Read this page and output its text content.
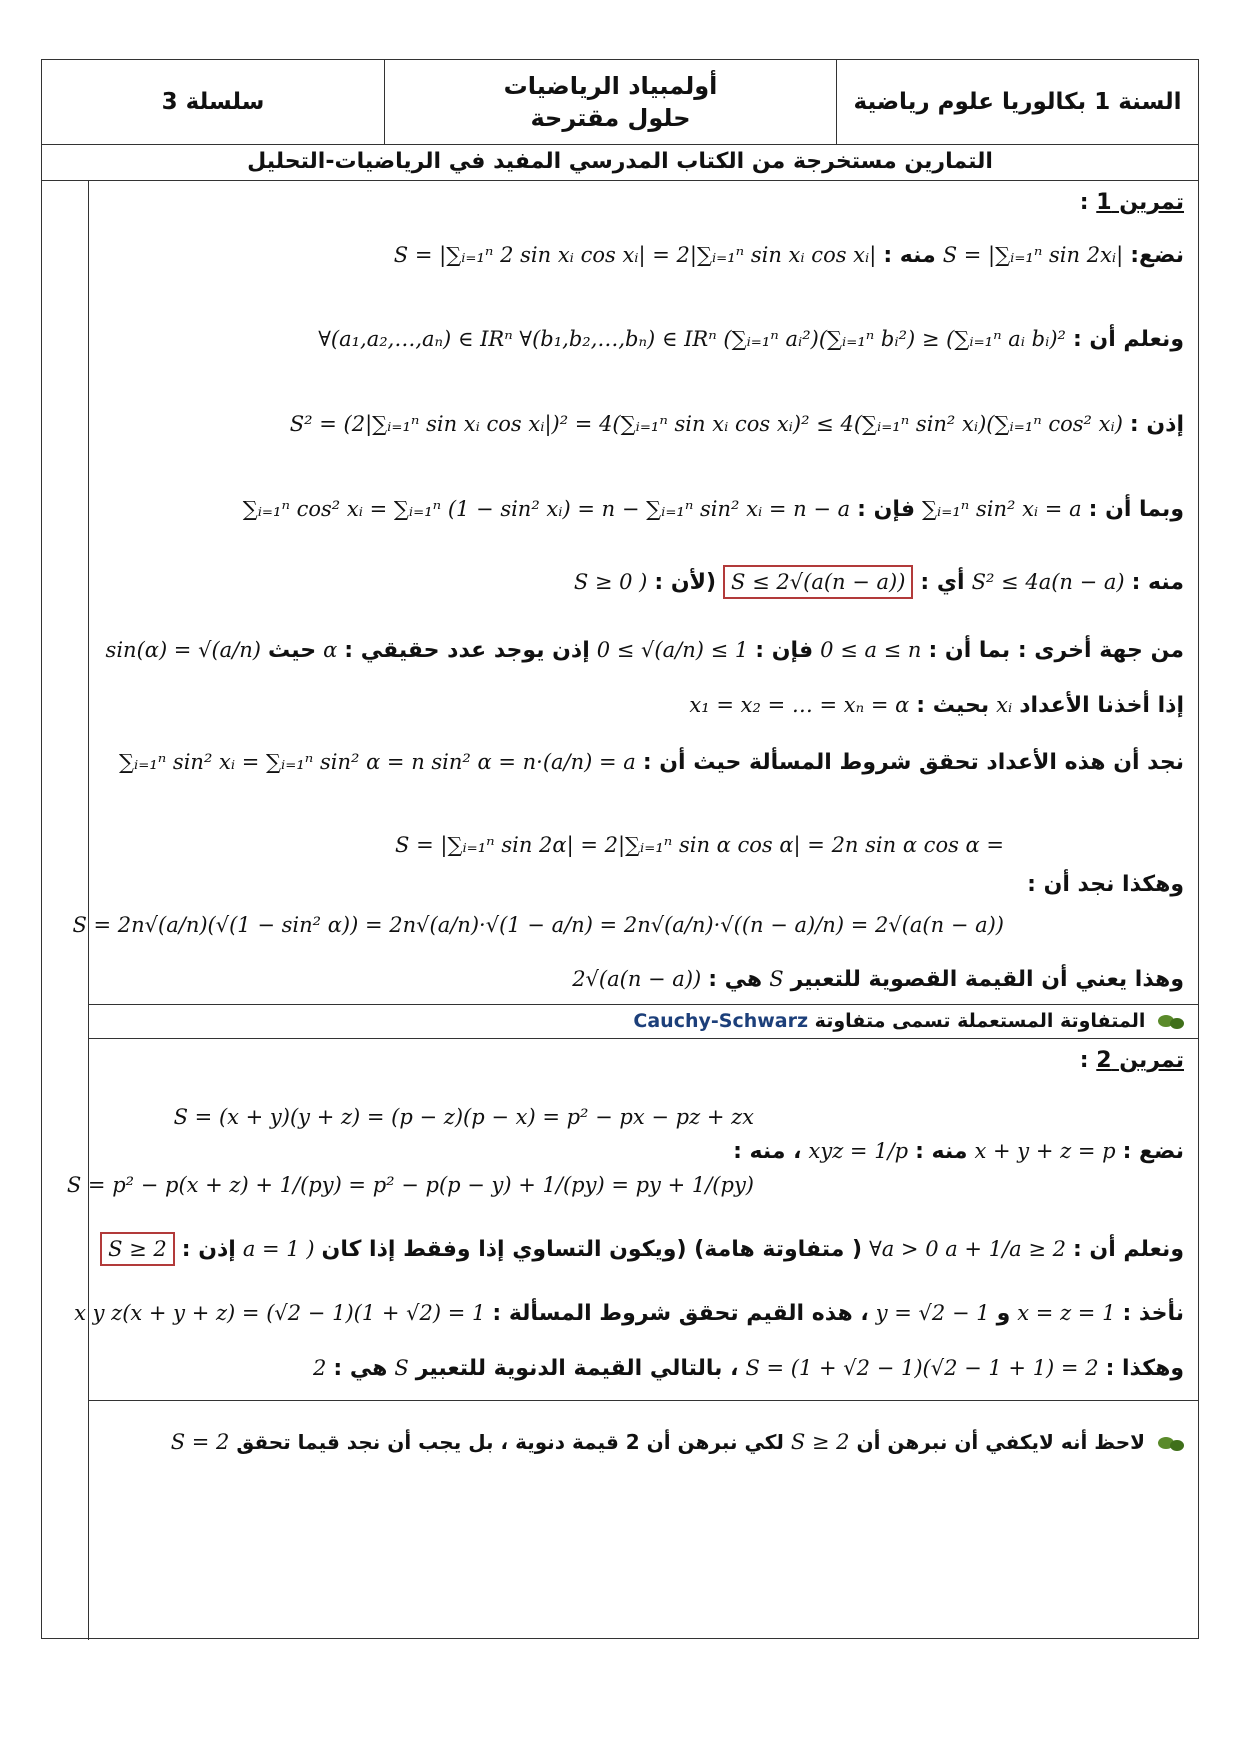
السنة 1 بكالوريا علوم رياضية
أولمبياد الرياضيات
حلول مقترحة
سلسلة 3
التمارين مستخرجة من الكتاب المدرسي المفيد في الرياضيات-التحليل
تمرين 1 :
نضع: S = |∑ᵢ₌₁ⁿ sin 2xᵢ| منه : S = |∑ᵢ₌₁ⁿ 2 sin xᵢ cos xᵢ| = 2|∑ᵢ₌₁ⁿ sin xᵢ cos xᵢ|
ونعلم أن : ∀(a₁,a₂,…,aₙ) ∈ IRⁿ ∀(b₁,b₂,…,bₙ) ∈ IRⁿ (∑ᵢ₌₁ⁿ aᵢ²)(∑ᵢ₌₁ⁿ bᵢ²) ≥ (∑ᵢ₌₁ⁿ aᵢ bᵢ)²
إذن : S² = (2|∑ᵢ₌₁ⁿ sin xᵢ cos xᵢ|)² = 4(∑ᵢ₌₁ⁿ sin xᵢ cos xᵢ)² ≤ 4(∑ᵢ₌₁ⁿ sin² xᵢ)(∑ᵢ₌₁ⁿ cos² xᵢ)
وبما أن : ∑ᵢ₌₁ⁿ sin² xᵢ = a فإن : ∑ᵢ₌₁ⁿ cos² xᵢ = ∑ᵢ₌₁ⁿ (1 − sin² xᵢ) = n − ∑ᵢ₌₁ⁿ sin² xᵢ = n − a
منه : S² ≤ 4a(n − a) أي : S ≤ 2√(a(n − a)) (لأن : S ≥ 0 )
من جهة أخرى : بما أن : 0 ≤ a ≤ n فإن : 0 ≤ √(a/n) ≤ 1 إذن يوجد عدد حقيقي : α حيث sin(α) = √(a/n)
إذا أخذنا الأعداد xᵢ بحيث : x₁ = x₂ = … = xₙ = α
نجد أن هذه الأعداد تحقق شروط المسألة حيث أن : ∑ᵢ₌₁ⁿ sin² xᵢ = ∑ᵢ₌₁ⁿ sin² α = n sin² α = n·(a/n) = a
S = |∑ᵢ₌₁ⁿ sin 2α| = 2|∑ᵢ₌₁ⁿ sin α cos α| = 2n sin α cos α =
وهكذا نجد أن :
S = 2n√(a/n)(√(1 − sin² α)) = 2n√(a/n)·√(1 − a/n) = 2n√(a/n)·√((n − a)/n) = 2√(a(n − a))
وهذا يعني أن القيمة القصوية للتعبير S هي : 2√(a(n − a))
المتفاوتة المستعملة تسمى متفاوتة Cauchy-Schwarz
تمرين 2 :
S = (x + y)(y + z) = (p − z)(p − x) = p² − px − pz + zx
نضع : x + y + z = p منه : xyz = 1/p ، منه :
S = p² − p(x + z) + 1/(py) = p² − p(p − y) + 1/(py) = py + 1/(py)
ونعلم أن : ∀a > 0 a + 1/a ≥ 2 ( متفاوتة هامة) (ويكون التساوي إذا وفقط إذا كان a = 1 ) إذن : S ≥ 2
نأخذ : x = z = 1 و y = √2 − 1 ، هذه القيم تحقق شروط المسألة : x y z(x + y + z) = (√2 − 1)(1 + √2) = 1
وهكذا : S = (1 + √2 − 1)(√2 − 1 + 1) = 2 ، بالتالي القيمة الدنوية للتعبير S هي : 2
لاحظ أنه لايكفي أن نبرهن أن S ≥ 2 لكي نبرهن أن 2 قيمة دنوية ، بل يجب أن نجد قيما تحقق S = 2
